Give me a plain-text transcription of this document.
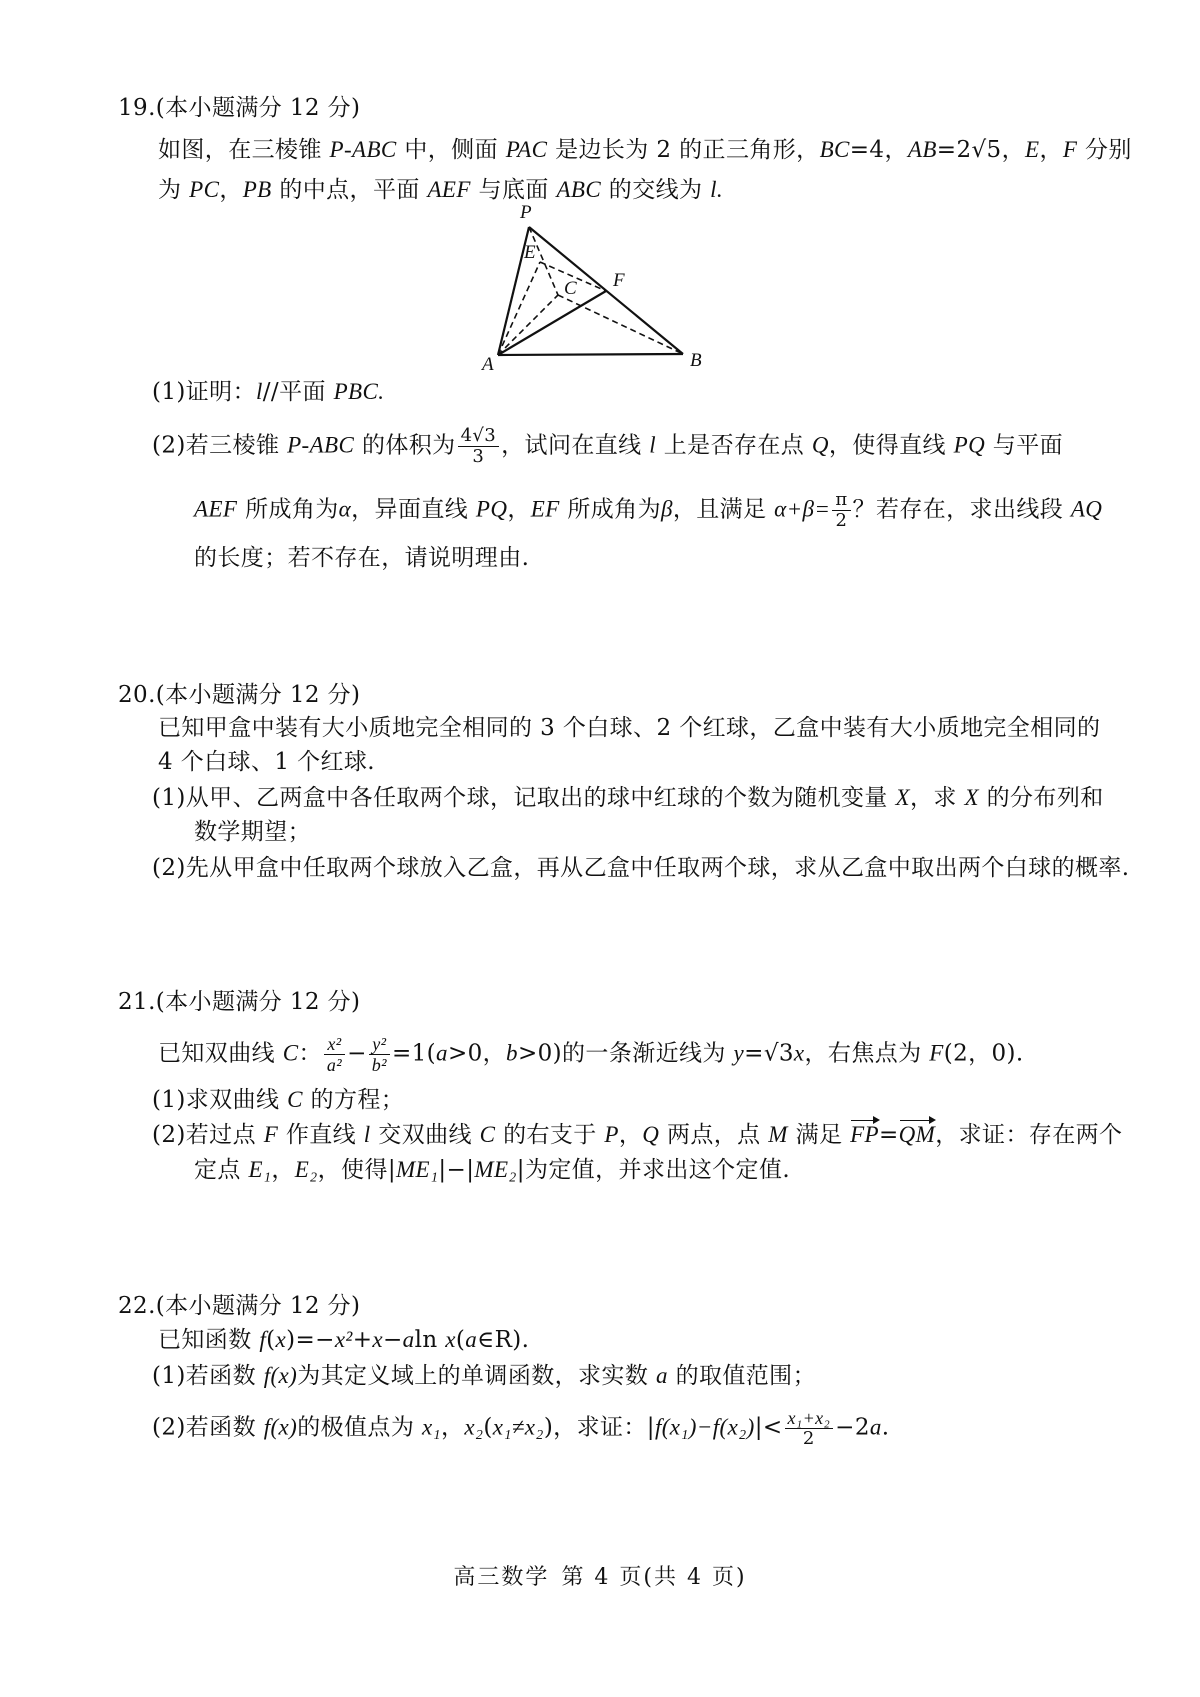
19.(本小题满分 12 分)
如图，在三棱锥 P-ABC 中，侧面 PAC 是边长为 2 的正三角形，BC=4，AB=2√5，E，F 分别
为 PC，PB 的中点，平面 AEF 与底面 ABC 的交线为 l.
P
E
C F
A	B
(1)证明：l//平面 PBC.
(2)若三棱锥 P-ABC 的体积为 $\frac{4√3}{3}$ ，试问在直线 l 上是否存在点 Q，使得直线 PQ 与平面
AEF 所成角为α，异面直线 PQ，EF 所成角为β，且满足 $\alpha+\beta= \frac{\pi}{2}$ ？若存在，求出线段 AQ
的长度；若不存在，请说明理由.
20.(本小题满分 12 分)
已知甲盒中装有大小质地完全相同的 3 个白球、2 个红球，乙盒中装有大小质地完全相同的
4 个白球、1 个红球.
(1)从甲、乙两盒中各任取两个球，记取出的球中红球的个数为随机变量 X，求 X 的分布列和
数学期望；
(2)先从甲盒中任取两个球放入乙盒，再从乙盒中任取两个球，求从乙盒中取出两个白球的概率.
21.(本小题满分 12 分)
已知双曲线 C： $\frac{\text{x²}}{\text{a²}} - \frac{\text{y²}}{\text{b²}} =1(a>0$，b>0)的一条渐近线为 y=√3x，右焦点为 F(2，0).
(1)求双曲线 C 的方程；
(2)若过点 F 作直线 l 交双曲线 C 的右支于 P，Q 两点，点 M 满足 FP=QM，求证：存在两个
定点 E₁，E₂，使得|ME₁|−|ME₂|为定值，并求出这个定值.
22.(本小题满分 12 分)
已知函数 f(x)=−x²+x−aln x(a∈R).
(1)若函数 f(x)为其定义域上的单调函数，求实数 a 的取值范围；
(2)若函数 f(x)的极值点为 x₁，x₂(x₁≠x₂)，求证：$|f(x_1)-f(x_2)|< \frac{\text{x₁+x₂}}{2} -2a$.
高三数学 第 4 页(共 4 页)
